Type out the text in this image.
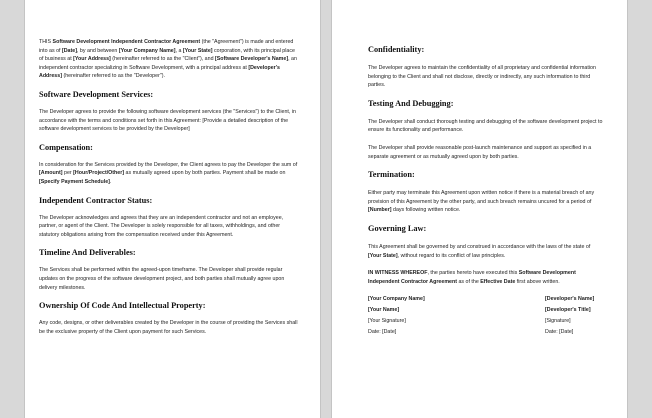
THIS Software Development Independent Contractor Agreement (the "Agreement") is made and entered into as of [Date], by and between [Your Company Name], a [Your State] corporation, with its principal place of business at [Your Address] (hereinafter referred to as the "Client"), and [Software Developer's Name], an independent contractor specializing in Software Development, with a principal address at [Developer's Address] (hereinafter referred to as the "Developer").

Software Development Services:

The Developer agrees to provide the following software development services (the "Services") to the Client, in accordance with the terms and conditions set forth in this Agreement: [Provide a detailed description of the software development services to be provided by the Developer]

Compensation:

In consideration for the Services provided by the Developer, the Client agrees to pay the Developer the sum of [Amount] per [Hour/Project/Other] as mutually agreed upon by both parties. Payment shall be made on [Specify Payment Schedule].

Independent Contractor Status:

The Developer acknowledges and agrees that they are an independent contractor and not an employee, partner, or agent of the Client. The Developer is solely responsible for all taxes, withholdings, and other statutory obligations arising from the compensation received under this Agreement.

Timeline And Deliverables:

The Services shall be performed within the agreed-upon timeframe. The Developer shall provide regular updates on the progress of the software development project, and both parties shall mutually agree upon delivery milestones.

Ownership Of Code And Intellectual Property:

Any code, designs, or other deliverables created by the Developer in the course of providing the Services shall be the exclusive property of the Client upon payment for such Services.

Confidentiality:

The Developer agrees to maintain the confidentiality of all proprietary and confidential information belonging to the Client and shall not disclose, directly or indirectly, any such information to third parties.

Testing And Debugging:

The Developer shall conduct thorough testing and debugging of the software development project to ensure its functionality and performance.

The Developer shall provide reasonable post-launch maintenance and support as specified in a separate agreement or as mutually agreed upon by both parties.

Termination:

Either party may terminate this Agreement upon written notice if there is a material breach of any provision of this Agreement by the other party, and such breach remains uncured for a period of [Number] days following written notice.

Governing Law:

This Agreement shall be governed by and construed in accordance with the laws of the state of [Your State], without regard to its conflict of law principles.

IN WITNESS WHEREOF, the parties hereto have executed this Software Development Independent Contractor Agreement as of the Effective Date first above written.

[Your Company Name]	[Developer's Name]
[Your Name]	[Developer's Title]
[Your Signature]	[Signature]
Date: [Date]	Date: [Date]
